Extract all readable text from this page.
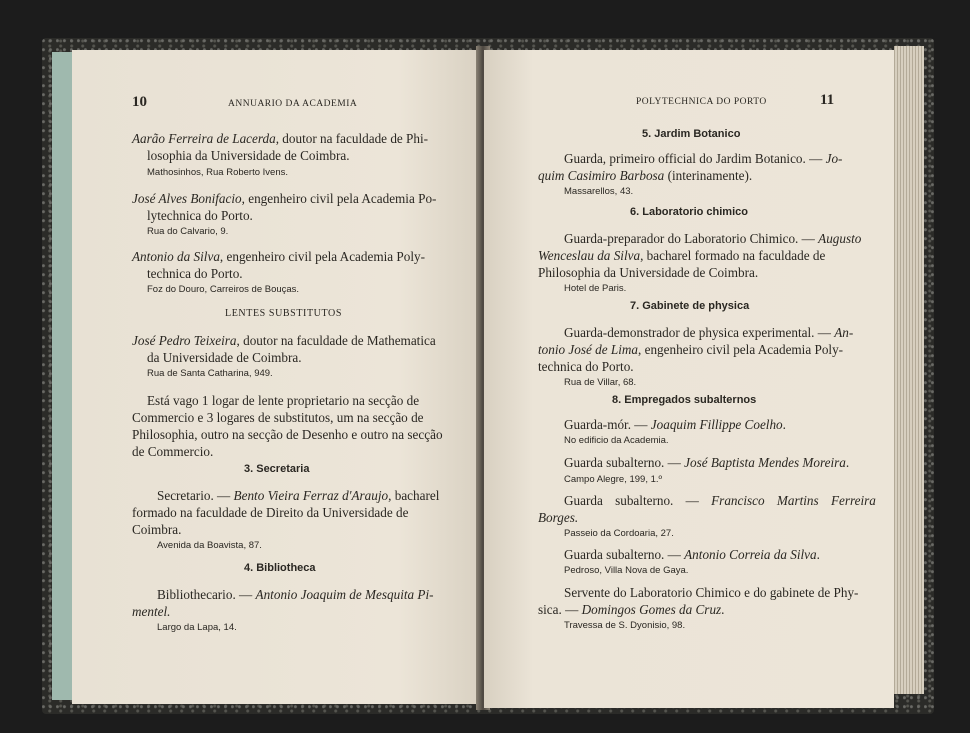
10	ANNUARIO DA ACADEMIA
Aarão Ferreira de Lacerda, doutor na faculdade de Phi-
losophia da Universidade de Coimbra.
Mathosinhos, Rua Roberto Ivens.
José Alves Bonifacio, engenheiro civil pela Academia Po-
lytechnica do Porto.
Rua do Calvario, 9.
Antonio da Silva, engenheiro civil pela Academia Poly-
technica do Porto.
Foz do Douro, Carreiros de Bouças.
LENTES SUBSTITUTOS
José Pedro Teixeira, doutor na faculdade de Mathematica
da Universidade de Coimbra.
Rua de Santa Catharina, 949.
Está vago 1 logar de lente proprietario na secção de
Commercio e 3 logares de substitutos, um na secção de
Philosophia, outro na secção de Desenho e outro na secção
de Commercio.
3. Secretaria
Secretario. — Bento Vieira Ferraz d'Araujo, bacharel
formado na faculdade de Direito da Universidade de
Coimbra.
Avenida da Boavista, 87.
4. Bibliotheca
Bibliothecario. — Antonio Joaquim de Mesquita Pi-
mentel.
Largo da Lapa, 14.
POLYTECHNICA DO PORTO	11
5. Jardim Botanico
Guarda, primeiro official do Jardim Botanico. — Jo-
quim Casimiro Barbosa (interinamente).
Massarellos, 43.
6. Laboratorio chimico
Guarda-preparador do Laboratorio Chimico. — Augusto
Wenceslau da Silva, bacharel formado na faculdade de
Philosophia da Universidade de Coimbra.
Hotel de Paris.
7. Gabinete de physica
Guarda-demonstrador de physica experimental. — An-
tonio José de Lima, engenheiro civil pela Academia Poly-
technica do Porto.
Rua de Villar, 68.
8. Empregados subalternos
Guarda-mór. — Joaquim Fillippe Coelho.
No edificio da Academia.
Guarda subalterno. — José Baptista Mendes Moreira.
Campo Alegre, 199, 1.º
Guarda subalterno. — Francisco Martins Ferreira
Borges.
Passeio da Cordoaria, 27.
Guarda subalterno. — Antonio Correia da Silva.
Pedroso, Villa Nova de Gaya.
Servente do Laboratorio Chimico e do gabinete de Phy-
sica. — Domingos Gomes da Cruz.
Travessa de S. Dyonisio, 98.
